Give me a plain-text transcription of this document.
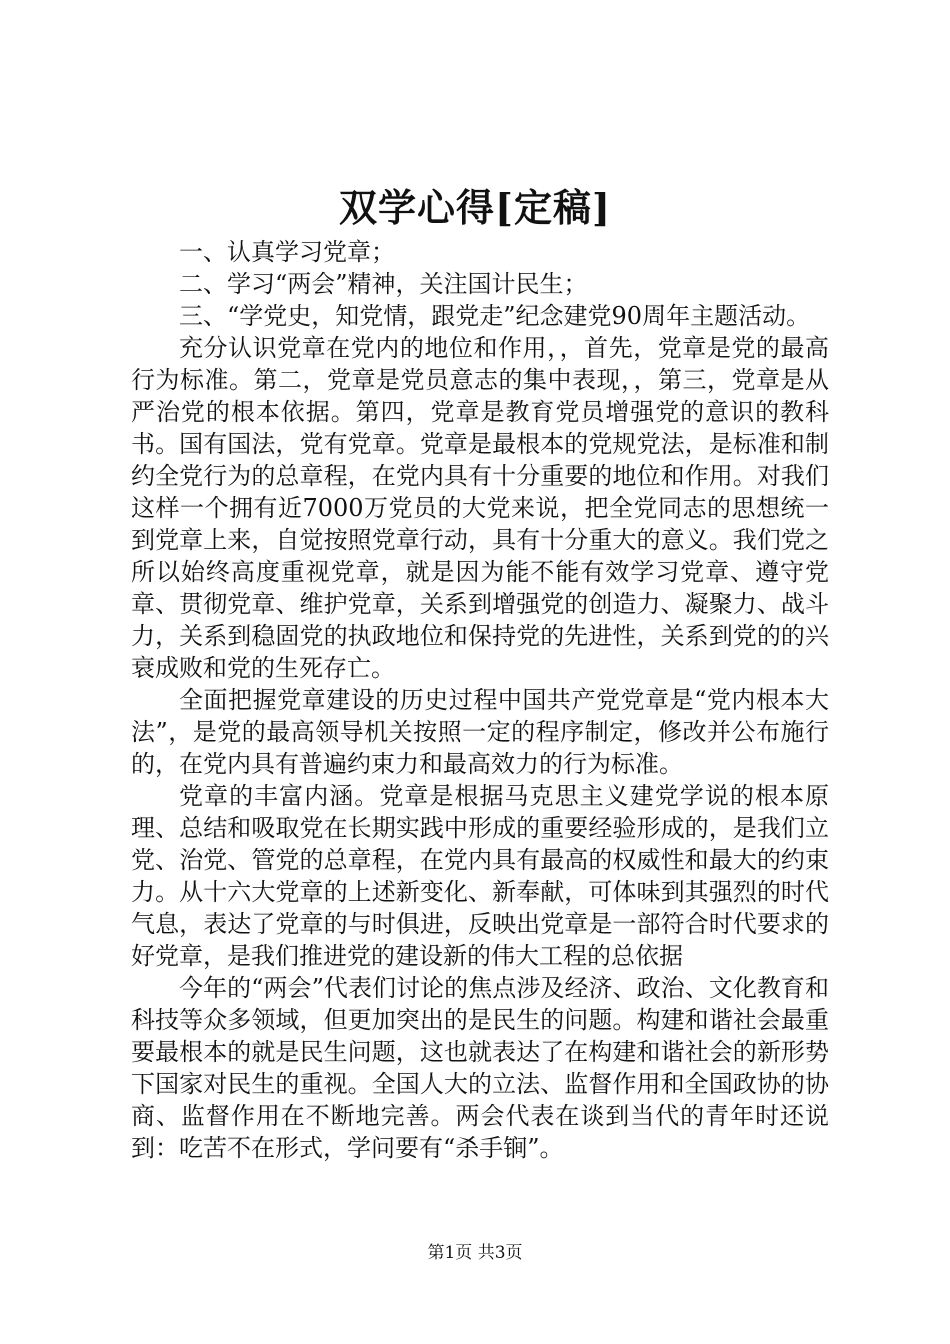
双学心得[定稿]

一、认真学习党章；

二、学习“两会”精神，关注国计民生；

三、“学党史，知党情，跟党走”纪念建党90周年主题活动。

充分认识党章在党内的地位和作用，，首先，党章是党的最高行为标准。第二，党章是党员意志的集中表现，，第三，党章是从严治党的根本依据。第四，党章是教育党员增强党的意识的教科书。国有国法，党有党章。党章是最根本的党规党法，是标准和制约全党行为的总章程，在党内具有十分重要的地位和作用。对我们这样一个拥有近7000万党员的大党来说，把全党同志的思想统一到党章上来，自觉按照党章行动，具有十分重大的意义。我们党之所以始终高度重视党章，就是因为能不能有效学习党章、遵守党章、贯彻党章、维护党章，关系到增强党的创造力、凝聚力、战斗力，关系到稳固党的执政地位和保持党的先进性，关系到党的的兴衰成败和党的生死存亡。

全面把握党章建设的历史过程中国共产党党章是“党内根本大法”，是党的最高领导机关按照一定的程序制定，修改并公布施行的，在党内具有普遍约束力和最高效力的行为标准。

党章的丰富内涵。党章是根据马克思主义建党学说的根本原理、总结和吸取党在长期实践中形成的重要经验形成的，是我们立党、治党、管党的总章程，在党内具有最高的权威性和最大的约束力。从十六大党章的上述新变化、新奉献，可体味到其强烈的时代气息，表达了党章的与时俱进，反映出党章是一部符合时代要求的好党章，是我们推进党的建设新的伟大工程的总依据

今年的“两会”代表们讨论的焦点涉及经济、政治、文化教育和科技等众多领域，但更加突出的是民生的问题。构建和谐社会最重要最根本的就是民生问题，这也就表达了在构建和谐社会的新形势下国家对民生的重视。全国人大的立法、监督作用和全国政协的协商、监督作用在不断地完善。两会代表在谈到当代的青年时还说到：吃苦不在形式，学问要有“杀手锏”。

第1页 共3页
